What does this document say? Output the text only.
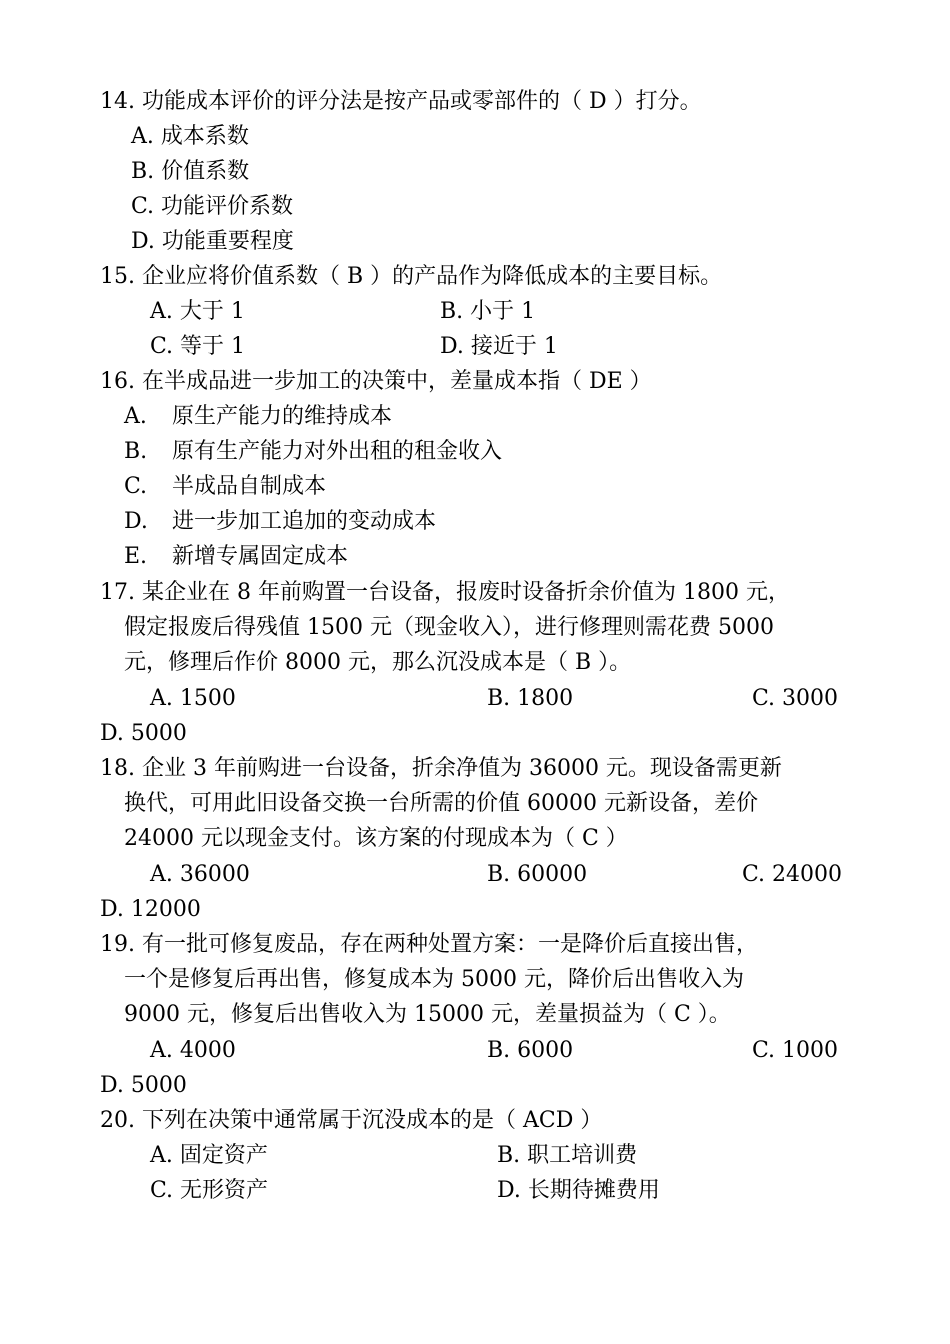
14. 功能成本评价的评分法是按产品或零部件的（ D ）打分。
A. 成本系数
B. 价值系数
C. 功能评价系数
D. 功能重要程度
15. 企业应将价值系数（ B ）的产品作为降低成本的主要目标。
A. 大于 1	B. 小于 1
C. 等于 1	D. 接近于 1
16. 在半成品进一步加工的决策中，差量成本指（ DE ）
A. 原生产能力的维持成本
B. 原有生产能力对外出租的租金收入
C. 半成品自制成本
D. 进一步加工追加的变动成本
E. 新增专属固定成本
17. 某企业在 8 年前购置一台设备，报废时设备折余价值为 1800 元，
假定报废后得残值 1500 元（现金收入），进行修理则需花费 5000
元，修理后作价 8000 元，那么沉没成本是（ B ）。
A. 1500	B. 1800	C. 3000
D. 5000
18. 企业 3 年前购进一台设备，折余净值为 36000 元。现设备需更新
换代，可用此旧设备交换一台所需的价值 60000 元新设备，差价
24000 元以现金支付。该方案的付现成本为（ C ）
A. 36000	B. 60000	C. 24000
D. 12000
19. 有一批可修复废品，存在两种处置方案：一是降价后直接出售，
一个是修复后再出售，修复成本为 5000 元，降价后出售收入为
9000 元，修复后出售收入为 15000 元，差量损益为（ C ）。
A. 4000	B. 6000	C. 1000
D. 5000
20. 下列在决策中通常属于沉没成本的是（ ACD ）
A. 固定资产	B. 职工培训费
C. 无形资产	D. 长期待摊费用
